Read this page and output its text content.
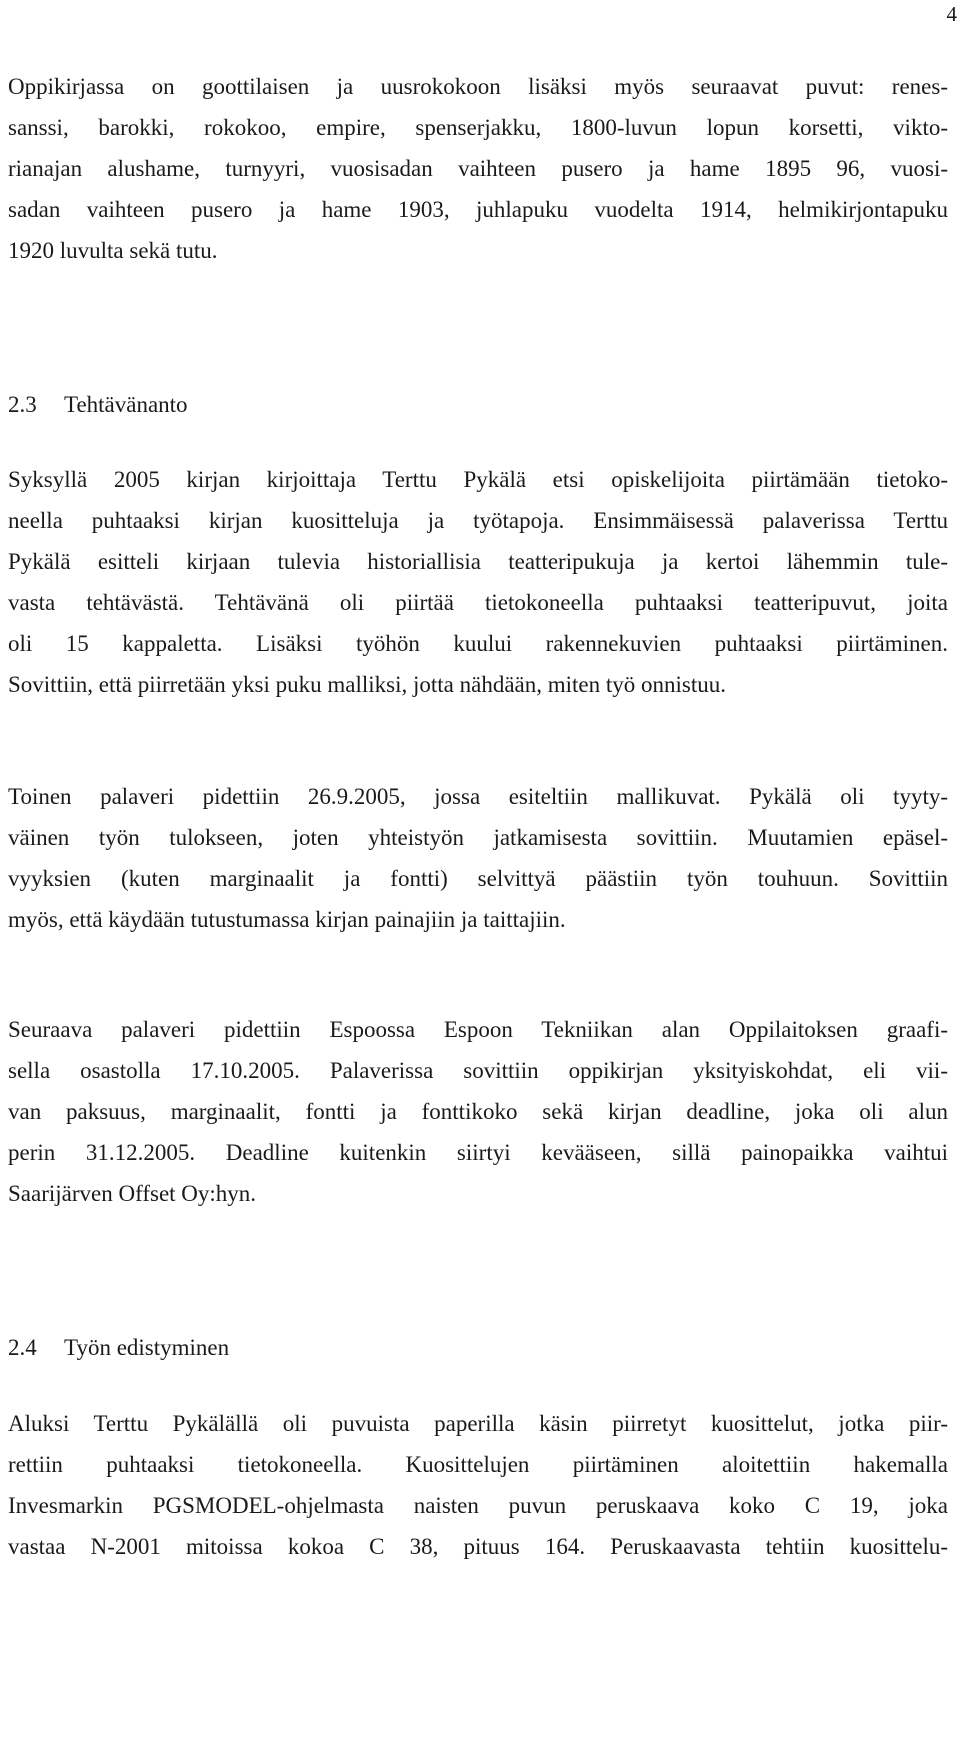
4
Oppikirjassa on goottilaisen ja uusrokokoon lisäksi myös seuraavat puvut: renes-
sanssi, barokki, rokokoo, empire, spenserjakku, 1800-luvun lopun korsetti, vikto-
rianajan alushame, turnyyri, vuosisadan vaihteen pusero ja hame 1895 96, vuosi-
sadan vaihteen pusero ja hame 1903, juhlapuku vuodelta 1914, helmikirjontapuku
1920 luvulta sekä tutu.
2.3 Tehtävänanto
Syksyllä 2005 kirjan kirjoittaja Terttu Pykälä etsi opiskelijoita piirtämään tietoko-
neella puhtaaksi kirjan kuositteluja ja työtapoja. Ensimmäisessä palaverissa Terttu
Pykälä esitteli kirjaan tulevia historiallisia teatteripukuja ja kertoi lähemmin tule-
vasta tehtävästä. Tehtävänä oli piirtää tietokoneella puhtaaksi teatteripuvut, joita
oli 15 kappaletta. Lisäksi työhön kuului rakennekuvien puhtaaksi piirtäminen.
Sovittiin, että piirretään yksi puku malliksi, jotta nähdään, miten työ onnistuu.
Toinen palaveri pidettiin 26.9.2005, jossa esiteltiin mallikuvat. Pykälä oli tyyty-
väinen työn tulokseen, joten yhteistyön jatkamisesta sovittiin. Muutamien epäsel-
vyyksien (kuten marginaalit ja fontti) selvittyä päästiin työn touhuun. Sovittiin
myös, että käydään tutustumassa kirjan painajiin ja taittajiin.
Seuraava palaveri pidettiin Espoossa Espoon Tekniikan alan Oppilaitoksen graafi-
sella osastolla 17.10.2005. Palaverissa sovittiin oppikirjan yksityiskohdat, eli vii-
van paksuus, marginaalit, fontti ja fonttikoko sekä kirjan deadline, joka oli alun
perin 31.12.2005. Deadline kuitenkin siirtyi kevääseen, sillä painopaikka vaihtui
Saarijärven Offset Oy:hyn.
2.4 Työn edistyminen
Aluksi Terttu Pykälällä oli puvuista paperilla käsin piirretyt kuosittelut, jotka piir-
rettiin puhtaaksi tietokoneella. Kuosittelujen piirtäminen aloitettiin hakemalla
Invesmarkin PGSMODEL-ohjelmasta naisten puvun peruskaava koko C 19, joka
vastaa N-2001 mitoissa kokoa C 38, pituus 164. Peruskaavasta tehtiin kuosittelu-
